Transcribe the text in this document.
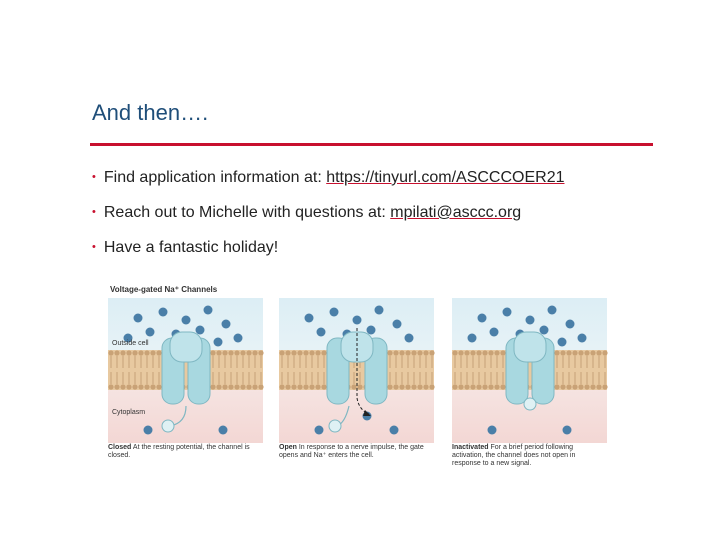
And then….
• Find application information at: https://tinyurl.com/ASCCCOER21
• Reach out to Michelle with questions at: mpilati@asccc.org
• Have a fantastic holiday!
Voltage-gated Na⁺ Channels
Outside cell
Cytoplasm
Closed At the resting potential, the channel is closed.
Open In response to a nerve impulse, the gate opens and Na⁺ enters the cell.
Inactivated For a brief period following activation, the channel does not open in response to a new signal.
